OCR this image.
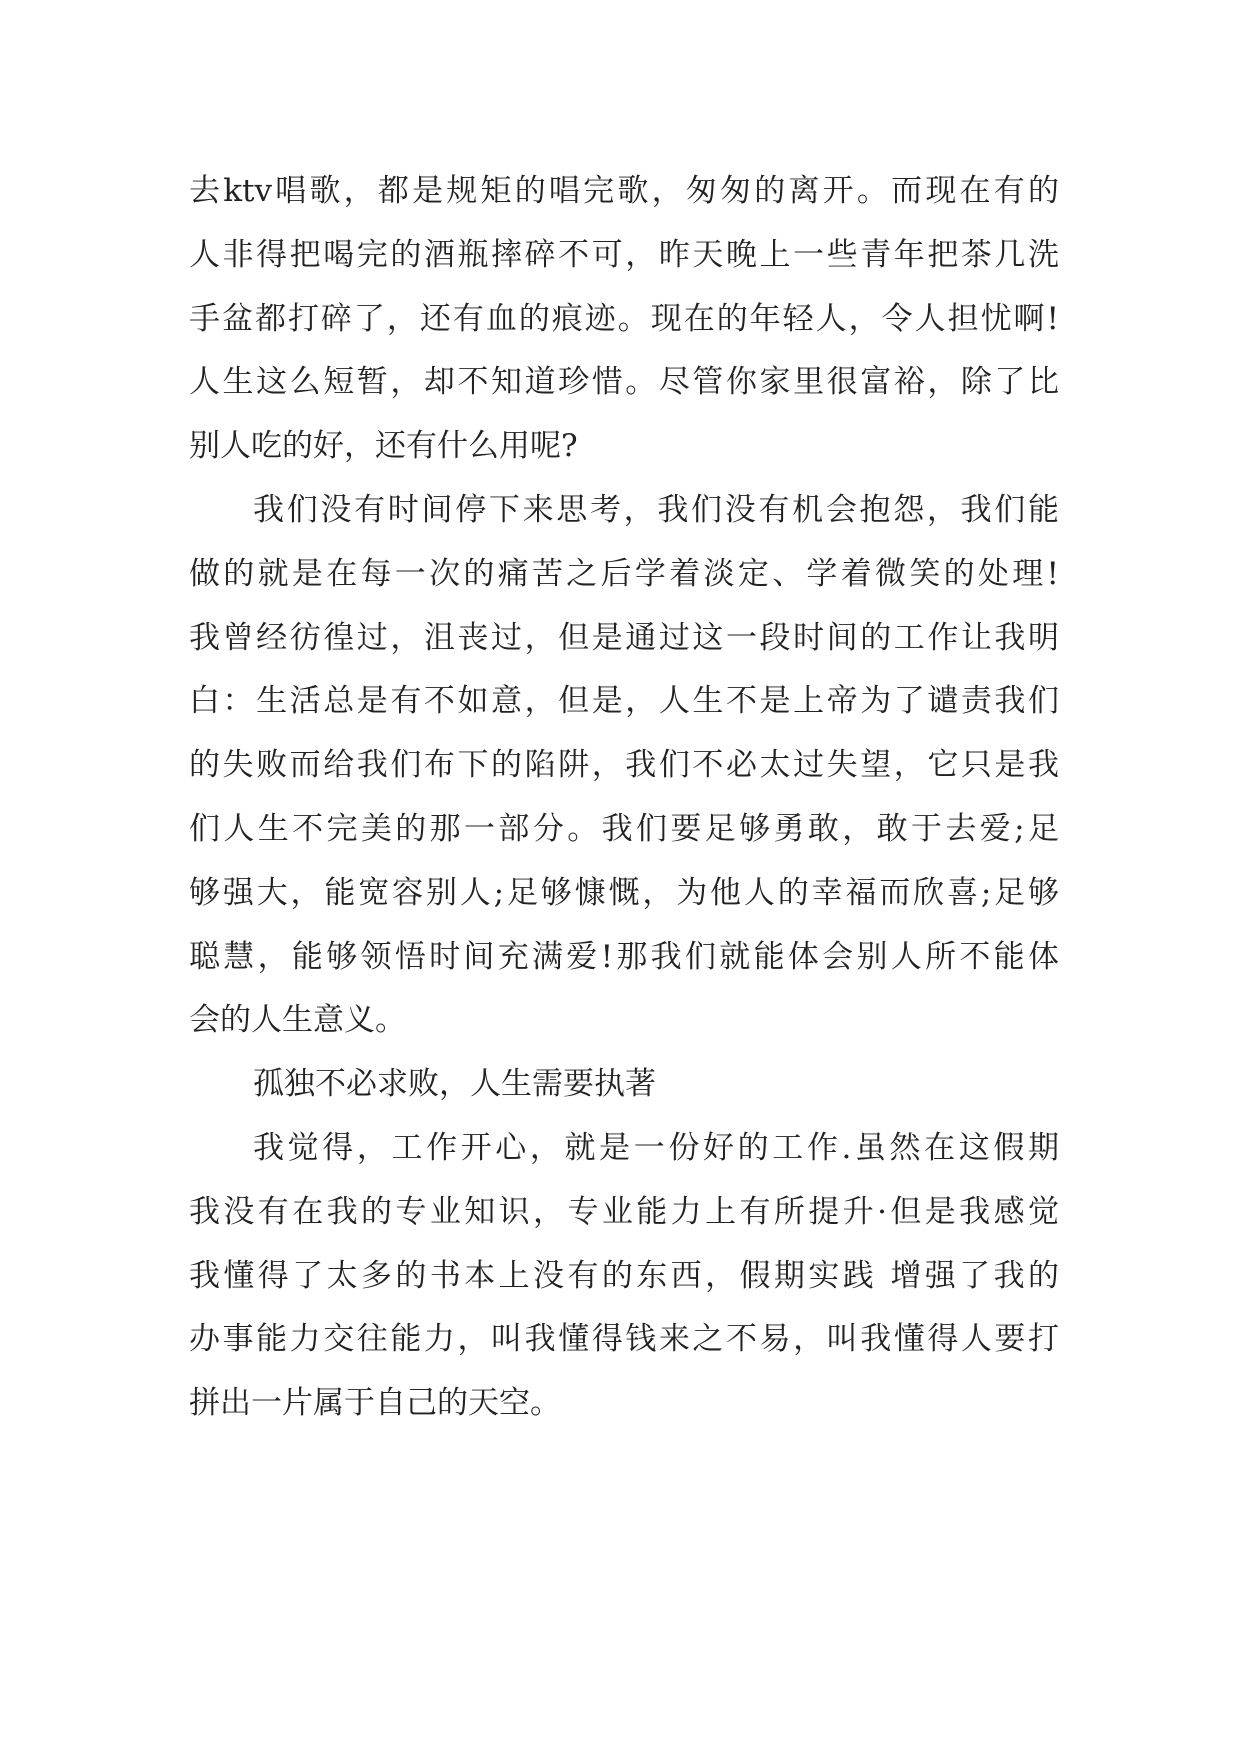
去ktv唱歌，都是规矩的唱完歌，匆匆的离开。而现在有的
人非得把喝完的酒瓶摔碎不可，昨天晚上一些青年把茶几洗
手盆都打碎了，还有血的痕迹。现在的年轻人，令人担忧啊!
人生这么短暂，却不知道珍惜。尽管你家里很富裕，除了比
别人吃的好，还有什么用呢?
我们没有时间停下来思考，我们没有机会抱怨，我们能
做的就是在每一次的痛苦之后学着淡定、学着微笑的处理!
我曾经彷徨过，沮丧过，但是通过这一段时间的工作让我明
白：生活总是有不如意，但是，人生不是上帝为了谴责我们
的失败而给我们布下的陷阱，我们不必太过失望，它只是我
们人生不完美的那一部分。我们要足够勇敢，敢于去爱;足
够强大，能宽容别人;足够慷慨，为他人的幸福而欣喜;足够
聪慧，能够领悟时间充满爱!那我们就能体会别人所不能体
会的人生意义。
孤独不必求败，人生需要执著
我觉得，工作开心，就是一份好的工作.虽然在这假期
我没有在我的专业知识，专业能力上有所提升·但是我感觉
我懂得了太多的书本上没有的东西，假期实践 增强了我的
办事能力交往能力，叫我懂得钱来之不易，叫我懂得人要打
拼出一片属于自己的天空。
